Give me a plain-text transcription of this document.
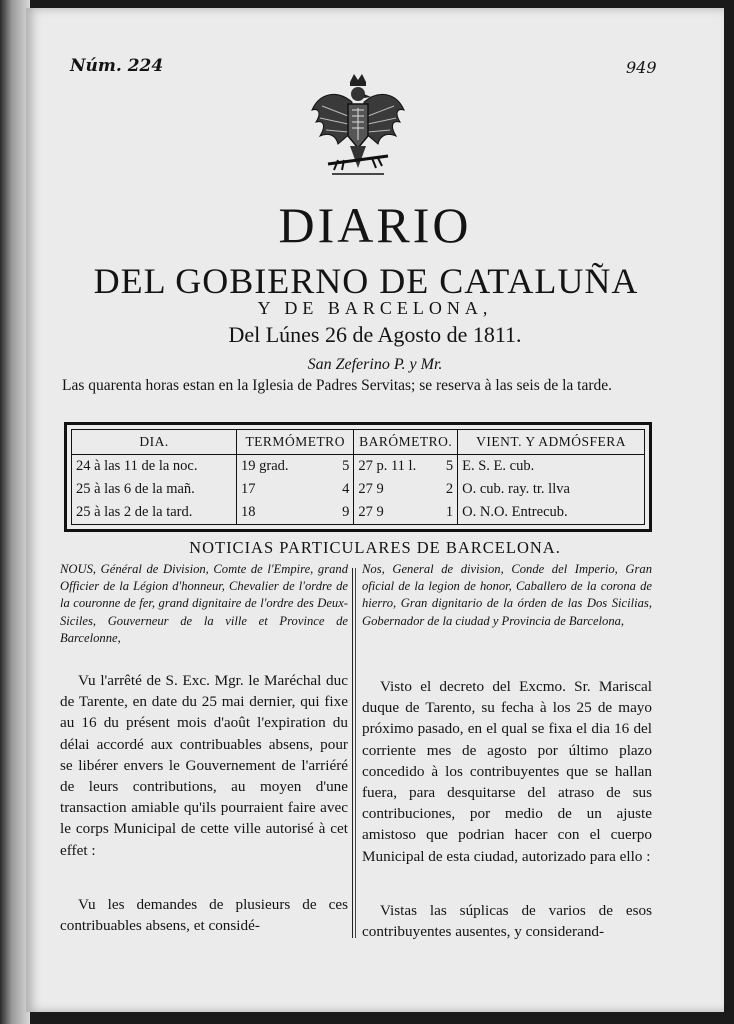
Núm. 224	949
DIARIO
DEL GOBIERNO DE CATALUÑA
Y DE BARCELONA,
Del Lúnes 26 de Agosto de 1811.
San Zeferino P. y Mr.
Las quarenta horas estan en la Iglesia de Padres Servitas; se reserva à las seis de la tarde.
DIA.	TERMÓMETRO		BARÓMETRO.		VIENT. Y ADMÓSFERA
24 à las 11 de la noc.	19 grad.	5	27 p. 11 l.	5	E. S. E. cub.
25 à las 6 de la mañ.	17	4	27 9	2	O. cub. ray. tr. llva
25 à las 2 de la tard.	18	9	27 9	1	O. N.O. Entrecub.
NOTICIAS PARTICULARES DE BARCELONA.
NOUS, Général de Division, Comte de l'Empire, grand Officier de la Légion d'honneur, Chevalier de l'ordre de la couronne de fer, grand dignitaire de l'ordre des Deux-Siciles, Gouverneur de la ville et Province de Barcelonne,
Vu l'arrêté de S. Exc. Mgr. le Maréchal duc de Tarente, en date du 25 mai dernier, qui fixe au 16 du présent mois d'août l'expiration du délai accordé aux contribuables absens, pour se libérer envers le Gouvernement de l'arriéré de leurs contributions, au moyen d'une transaction amiable qu'ils pourraient faire avec le corps Municipal de cette ville autorisé à cet effet :
Vu les demandes de plusieurs de ces contribuables absens, et considé-
Nos, General de division, Conde del Imperio, Gran oficial de la legion de honor, Caballero de la corona de hierro, Gran dignitario de la órden de las Dos Sicilias, Gobernador de la ciudad y Provincia de Barcelona,
Visto el decreto del Excmo. Sr. Mariscal duque de Tarento, su fecha à los 25 de mayo próximo pasado, en el qual se fixa el dia 16 del corriente mes de agosto por último plazo concedido à los contribuyentes que se hallan fuera, para desquitarse del atraso de sus contribuciones, por medio de un ajuste amistoso que podrian hacer con el cuerpo Municipal de esta ciudad, autorizado para ello :
Vistas las súplicas de varios de esos contribuyentes ausentes, y considerand-
